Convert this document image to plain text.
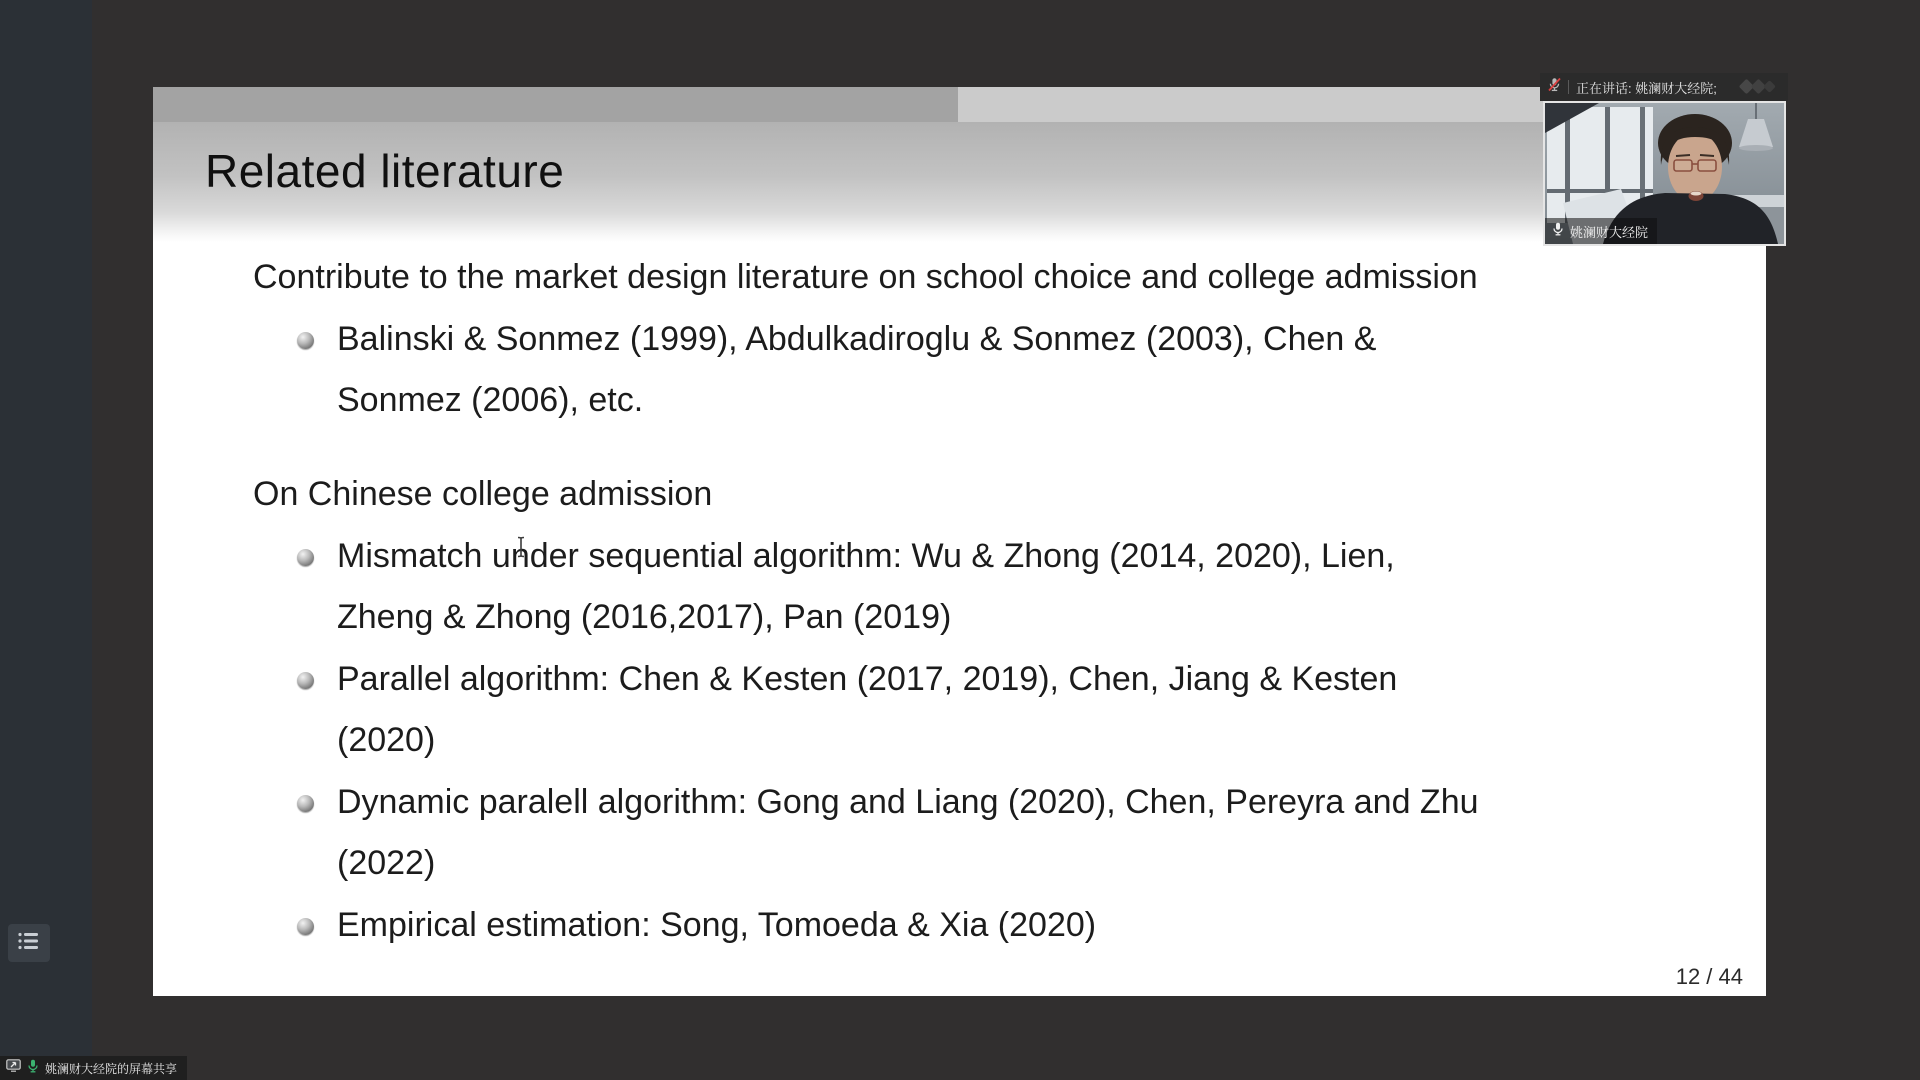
Related literature
Contribute to the market design literature on school choice and college admission
Balinski & Sonmez (1999), Abdulkadiroglu & Sonmez (2003), Chen &
Sonmez (2006), etc.
On Chinese college admission
Mismatch under sequential algorithm: Wu & Zhong (2014, 2020), Lien,
Zheng & Zhong (2016,2017), Pan (2019)
Parallel algorithm: Chen & Kesten (2017, 2019), Chen, Jiang & Kesten
(2020)
Dynamic paralell algorithm: Gong and Liang (2020), Chen, Pereyra and Zhu
(2022)
Empirical estimation: Song, Tomoeda & Xia (2020)
12 / 44
正在讲话: 姚澜财大经院;
姚澜财大经院
姚澜财大经院的屏幕共享
